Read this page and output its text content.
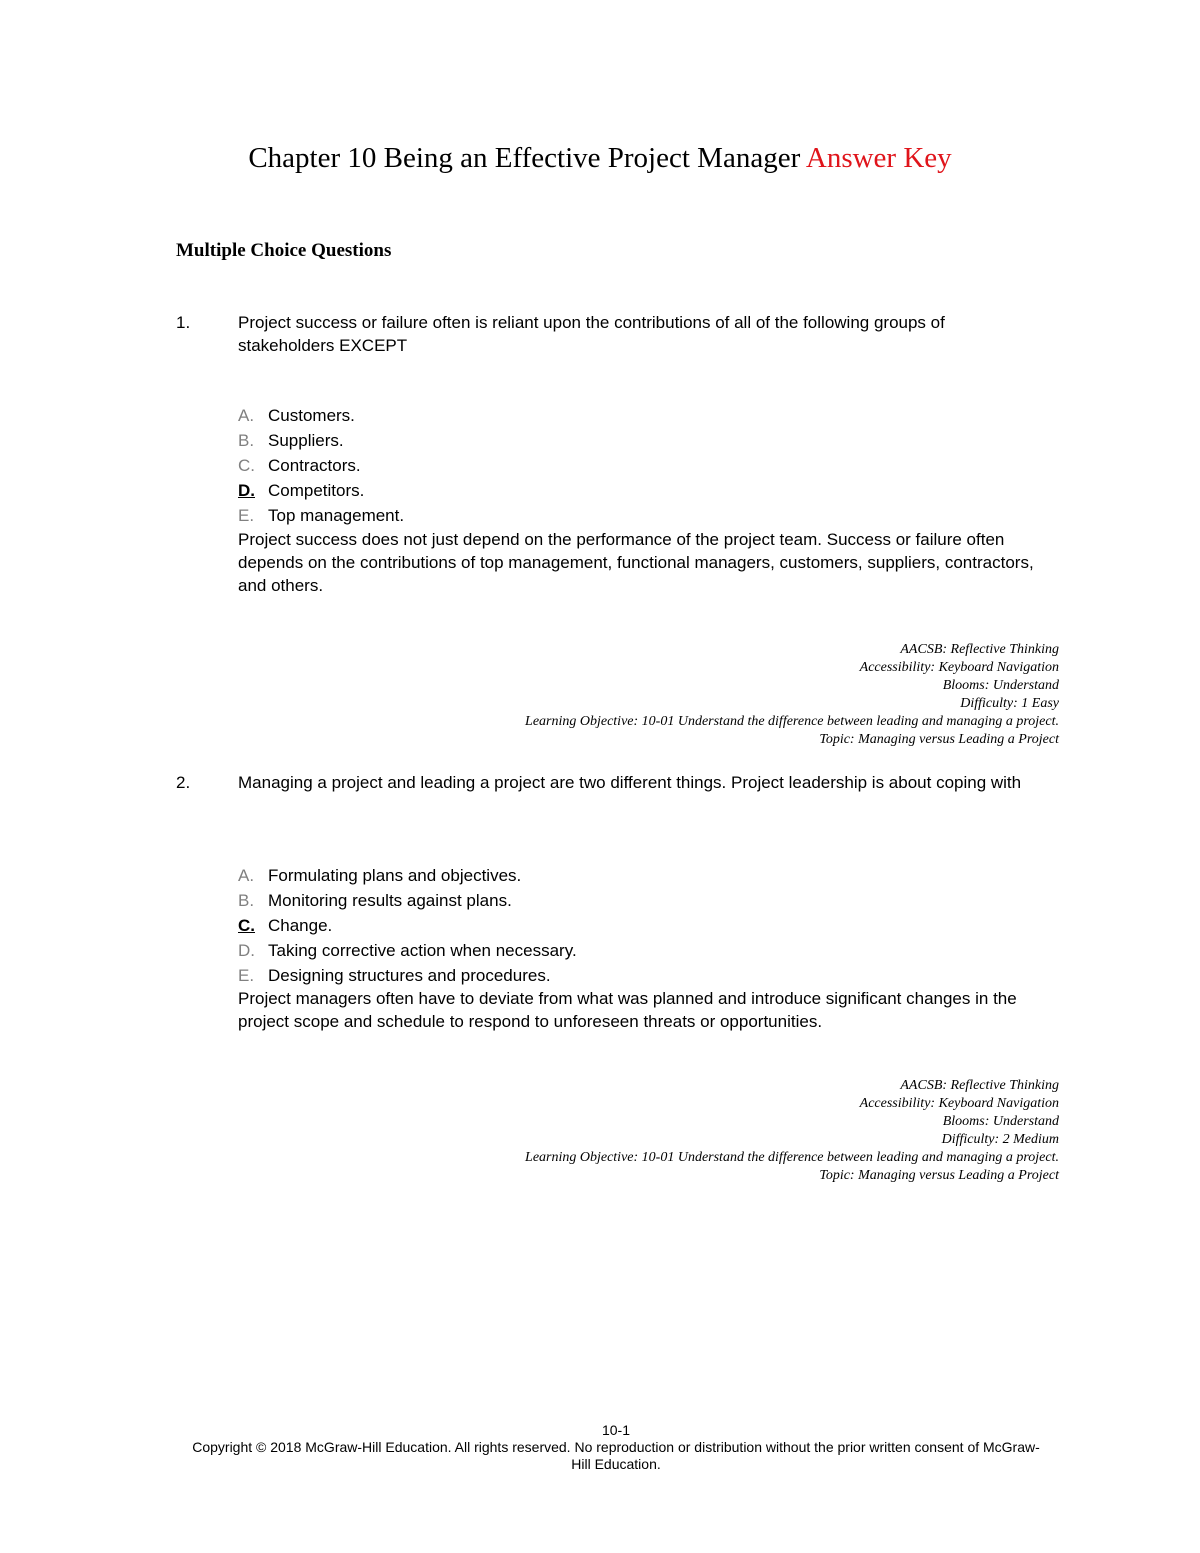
Chapter 10 Being an Effective Project Manager Answer Key
Multiple Choice Questions
1.	Project success or failure often is reliant upon the contributions of all of the following groups of stakeholders EXCEPT
A. Customers.
B. Suppliers.
C. Contractors.
D. Competitors.
E. Top management.
Project success does not just depend on the performance of the project team. Success or failure often depends on the contributions of top management, functional managers, customers, suppliers, contractors, and others.
AACSB: Reflective Thinking
Accessibility: Keyboard Navigation
Blooms: Understand
Difficulty: 1 Easy
Learning Objective: 10-01 Understand the difference between leading and managing a project.
Topic: Managing versus Leading a Project
2.	Managing a project and leading a project are two different things. Project leadership is about coping with
A. Formulating plans and objectives.
B. Monitoring results against plans.
C. Change.
D. Taking corrective action when necessary.
E. Designing structures and procedures.
Project managers often have to deviate from what was planned and introduce significant changes in the project scope and schedule to respond to unforeseen threats or opportunities.
AACSB: Reflective Thinking
Accessibility: Keyboard Navigation
Blooms: Understand
Difficulty: 2 Medium
Learning Objective: 10-01 Understand the difference between leading and managing a project.
Topic: Managing versus Leading a Project
10-1
Copyright © 2018 McGraw-Hill Education. All rights reserved. No reproduction or distribution without the prior written consent of McGraw-Hill Education.
